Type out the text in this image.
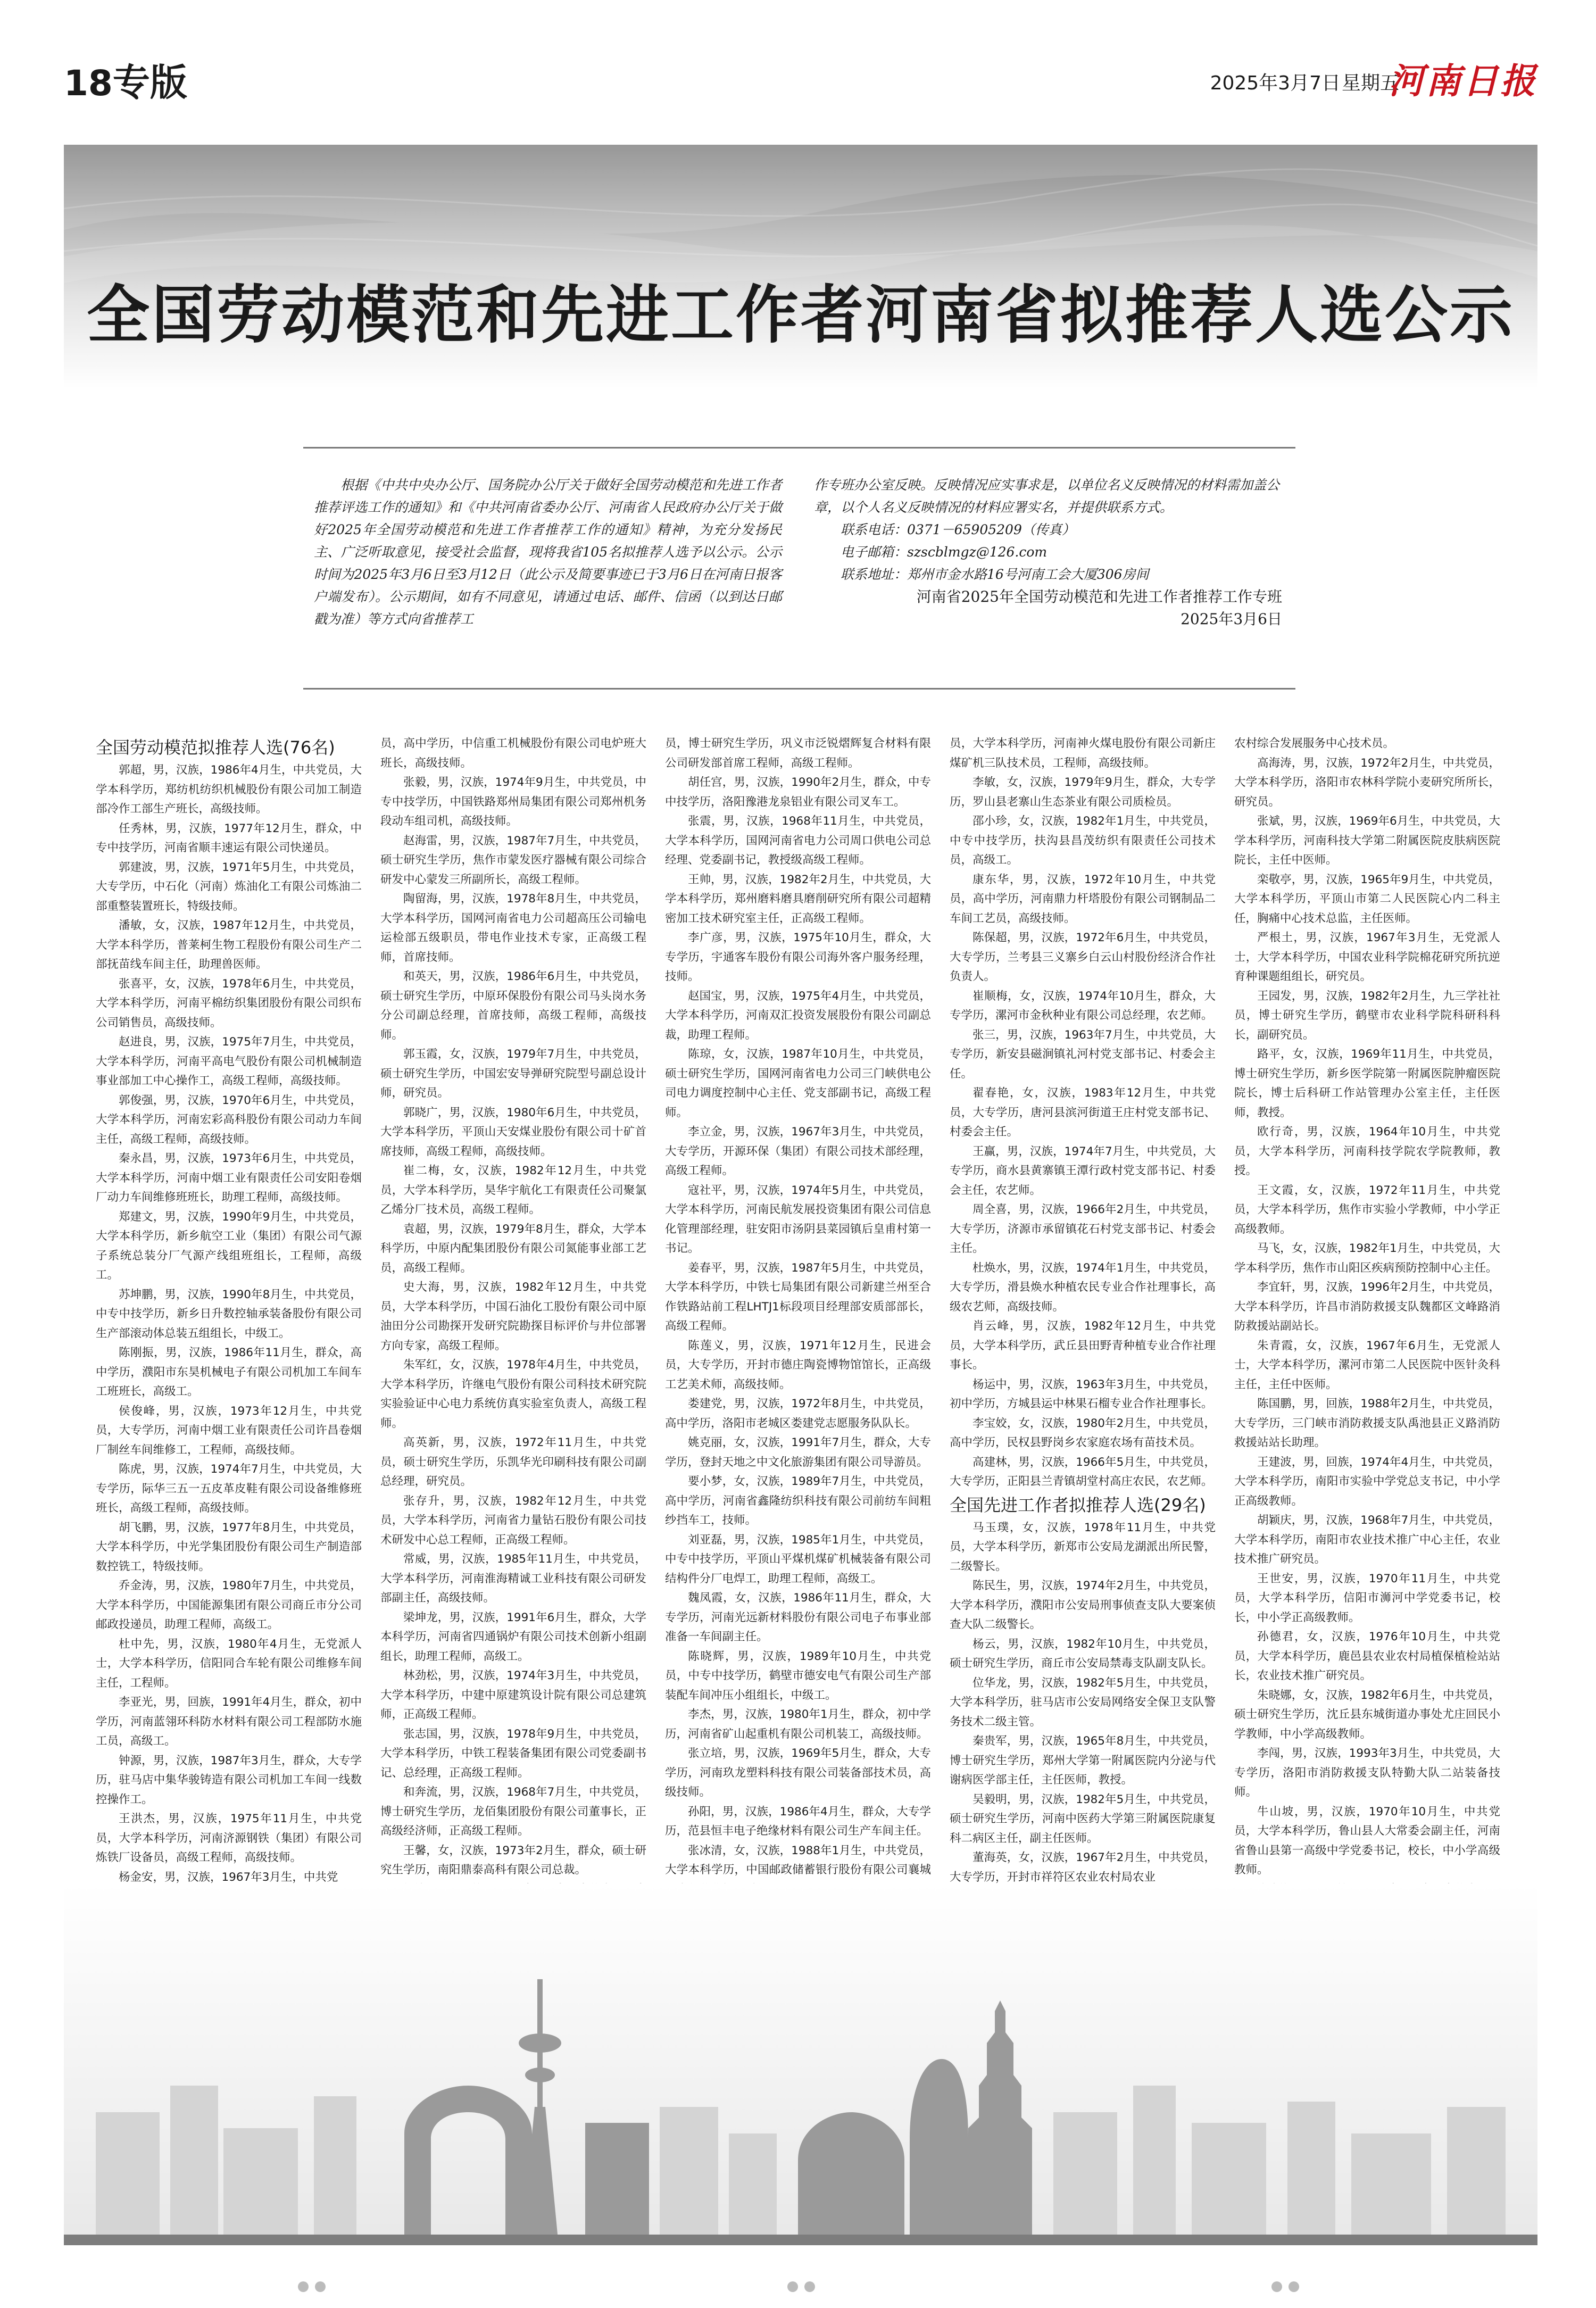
18专版	2025年3月7日 星期五
河南日报
全国劳动模范和先进工作者河南省拟推荐人选公示
根据《中共中央办公厅、国务院办公厅关于做好全国劳动模范和先进工作者推荐评选工作的通知》和《中共河南省委办公厅、河南省人民政府办公厅关于做好2025年全国劳动模范和先进工作者推荐工作的通知》精神，为充分发扬民主、广泛听取意见，接受社会监督，现将我省105名拟推荐人选予以公示。公示时间为2025年3月6日至3月12日（此公示及简要事迹已于3月6日在河南日报客户端发布）。公示期间，如有不同意见，请通过电话、邮件、信函（以到达日邮戳为准）等方式向省推荐工

作专班办公室反映。反映情况应实事求是，以单位名义反映情况的材料需加盖公章，以个人名义反映情况的材料应署实名，并提供联系方式。

联系电话：0371－65905209（传真）

电子邮箱：szscblmgz@126.com

联系地址：郑州市金水路16号河南工会大厦306房间

河南省2025年全国劳动模范和先进工作者推荐工作专班

2025年3月6日

全国劳动模范拟推荐人选(76名)

郭超，男，汉族，1986年4月生，中共党员，大学本科学历，郑纺机纺织机械股份有限公司加工制造部冷作工部生产班长，高级技师。

任秀林，男，汉族，1977年12月生，群众，中专中技学历，河南省顺丰速运有限公司快递员。

郭建波，男，汉族，1971年5月生，中共党员，大专学历，中石化（河南）炼油化工有限公司炼油二部重整装置班长，特级技师。

潘敏，女，汉族，1987年12月生，中共党员，大学本科学历，普莱柯生物工程股份有限公司生产二部抚苗线车间主任，助理兽医师。

张喜平，女，汉族，1978年6月生，中共党员，大学本科学历，河南平棉纺织集团股份有限公司织布公司销售员，高级技师。

赵进良，男，汉族，1975年7月生，中共党员，大学本科学历，河南平高电气股份有限公司机械制造事业部加工中心操作工，高级工程师，高级技师。

郭俊强，男，汉族，1970年6月生，中共党员，大学本科学历，河南宏彩高科股份有限公司动力车间主任，高级工程师，高级技师。

秦永昌，男，汉族，1973年6月生，中共党员，大学本科学历，河南中烟工业有限责任公司安阳卷烟厂动力车间维修班班长，助理工程师，高级技师。

郑建文，男，汉族，1990年9月生，中共党员，大学本科学历，新乡航空工业（集团）有限公司气源子系统总装分厂气源产线组班组长，工程师，高级工。

苏坤鹏，男，汉族，1990年8月生，中共党员，中专中技学历，新乡日升数控轴承装备股份有限公司生产部滚动体总装五组组长，中级工。

陈刚振，男，汉族，1986年11月生，群众，高中学历，濮阳市东昊机械电子有限公司机加工车间车工班班长，高级工。

侯俊峰，男，汉族，1973年12月生，中共党员，大专学历，河南中烟工业有限责任公司许昌卷烟厂制丝车间维修工，工程师，高级技师。

陈虎，男，汉族，1974年7月生，中共党员，大专学历，际华三五一五皮革皮鞋有限公司设备维修班班长，高级工程师，高级技师。

胡飞鹏，男，汉族，1977年8月生，中共党员，大学本科学历，中光学集团股份有限公司生产制造部数控铣工，特级技师。

乔金涛，男，汉族，1980年7月生，中共党员，大学本科学历，中国能源集团有限公司商丘市分公司邮政投递员，助理工程师，高级工。

杜中先，男，汉族，1980年4月生，无党派人士，大学本科学历，信阳同合车轮有限公司维修车间主任，工程师。

李亚光，男，回族，1991年4月生，群众，初中学历，河南蓝翎环科防水材料有限公司工程部防水施工员，高级工。

钟源，男，汉族，1987年3月生，群众，大专学历，驻马店中集华骏铸造有限公司机加工车间一线数控操作工。

王洪杰，男，汉族，1975年11月生，中共党员，大学本科学历，河南济源钢铁（集团）有限公司炼铁厂设备员，高级工程师，高级技师。

杨金安，男，汉族，1967年3月生，中共党

员，高中学历，中信重工机械股份有限公司电炉班大班长，高级技师。

张毅，男，汉族，1974年9月生，中共党员，中专中技学历，中国铁路郑州局集团有限公司郑州机务段动车组司机，高级技师。

赵海雷，男，汉族，1987年7月生，中共党员，硕士研究生学历，焦作市蒙发医疗器械有限公司综合研发中心蒙发三所副所长，高级工程师。

陶留海，男，汉族，1978年8月生，中共党员，大学本科学历，国网河南省电力公司超高压公司输电运检部五级职员，带电作业技术专家，正高级工程师，首席技师。

和英天，男，汉族，1986年6月生，中共党员，硕士研究生学历，中原环保股份有限公司马头岗水务分公司副总经理，首席技师，高级工程师，高级技师。

郭玉霞，女，汉族，1979年7月生，中共党员，硕士研究生学历，中国宏安导弹研究院型号副总设计师，研究员。

郭晓广，男，汉族，1980年6月生，中共党员，大学本科学历，平顶山天安煤业股份有限公司十矿首席技师，高级工程师，高级技师。

崔二梅，女，汉族，1982年12月生，中共党员，大学本科学历，昊华宇航化工有限责任公司聚氯乙烯分厂技术员，高级工程师。

袁超，男，汉族，1979年8月生，群众，大学本科学历，中原内配集团股份有限公司氮能事业部工艺员，高级工程师。

史大海，男，汉族，1982年12月生，中共党员，大学本科学历，中国石油化工股份有限公司中原油田分公司勘探开发研究院勘探目标评价与井位部署方向专家，高级工程师。

朱军红，女，汉族，1978年4月生，中共党员，大学本科学历，许继电气股份有限公司科技术研究院实验验证中心电力系统仿真实验室负责人，高级工程师。

高英新，男，汉族，1972年11月生，中共党员，硕士研究生学历，乐凯华光印刷科技有限公司副总经理，研究员。

张存升，男，汉族，1982年12月生，中共党员，大学本科学历，河南省力量钻石股份有限公司技术研发中心总工程师，正高级工程师。

常威，男，汉族，1985年11月生，中共党员，大学本科学历，河南淮海精诚工业科技有限公司研发部副主任，高级技师。

梁坤龙，男，汉族，1991年6月生，群众，大学本科学历，河南省四通锅炉有限公司技术创新小组副组长，助理工程师，高级工。

林劲松，男，汉族，1974年3月生，中共党员，大学本科学历，中建中原建筑设计院有限公司总建筑师，正高级工程师。

张志国，男，汉族，1978年9月生，中共党员，大学本科学历，中铁工程装备集团有限公司党委副书记、总经理，正高级工程师。

和奔流，男，汉族，1968年7月生，中共党员，博士研究生学历，龙佰集团股份有限公司董事长，正高级经济师，正高级工程师。

王馨，女，汉族，1973年2月生，群众，硕士研究生学历，南阳鼎泰高科有限公司总裁。

员，博士研究生学历，巩义市泛锐熠辉复合材料有限公司研发部首席工程师，高级工程师。

胡任宫，男，汉族，1990年2月生，群众，中专中技学历，洛阳豫港龙泉铝业有限公司叉车工。

张震，男，汉族，1968年11月生，中共党员，大学本科学历，国网河南省电力公司周口供电公司总经理、党委副书记，教授级高级工程师。

王帅，男，汉族，1982年2月生，中共党员，大学本科学历，郑州磨料磨具磨削研究所有限公司超精密加工技术研究室主任，正高级工程师。

李广彦，男，汉族，1975年10月生，群众，大专学历，宇通客车股份有限公司海外客户服务经理，技师。

赵国宝，男，汉族，1975年4月生，中共党员，大学本科学历，河南双汇投资发展股份有限公司副总裁，助理工程师。

陈琼，女，汉族，1987年10月生，中共党员，硕士研究生学历，国网河南省电力公司三门峡供电公司电力调度控制中心主任、党支部副书记，高级工程师。

李立金，男，汉族，1967年3月生，中共党员，大专学历，开源环保（集团）有限公司技术部经理，高级工程师。

寇社平，男，汉族，1974年5月生，中共党员，大学本科学历，河南民航发展投资集团有限公司信息化管理部经理，驻安阳市汤阴县菜园镇后皇甫村第一书记。

姜春平，男，汉族，1987年5月生，中共党员，大学本科学历，中铁七局集团有限公司新建兰州至合作铁路站前工程LHTJ1标段项目经理部安质部部长，高级工程师。

陈莲义，男，汉族，1971年12月生，民进会员，大专学历，开封市德庄陶瓷博物馆馆长，正高级工艺美术师，高级技师。

娄建党，男，汉族，1972年8月生，中共党员，高中学历，洛阳市老城区娄建党志愿服务队队长。

姚克丽，女，汉族，1991年7月生，群众，大专学历，登封天地之中文化旅游集团有限公司导游员。

要小梦，女，汉族，1989年7月生，中共党员，高中学历，河南省鑫隆纺织科技有限公司前纺车间粗纱挡车工，技师。

刘亚磊，男，汉族，1985年1月生，中共党员，中专中技学历，平顶山平煤机煤矿机械装备有限公司结构件分厂电焊工，助理工程师，高级工。

魏凤霞，女，汉族，1986年11月生，群众，大专学历，河南光远新材料股份有限公司电子布事业部准备一车间副主任。

陈晓辉，男，汉族，1989年10月生，中共党员，中专中技学历，鹤壁市德安电气有限公司生产部装配车间冲压小组组长，中级工。

李杰，男，汉族，1980年1月生，群众，初中学历，河南省矿山起重机有限公司机装工，高级技师。

张立培，男，汉族，1969年5月生，群众，大专学历，河南玖龙塑料科技有限公司装备部技术员，高级技师。

孙阳，男，汉族，1986年4月生，群众，大专学历，范县恒丰电子绝缘材料有限公司生产车间主任。

张冰清，女，汉族，1988年1月生，中共党员，大学本科学历，中国邮政储蓄银行股份有限公司襄城

员，大学本科学历，河南神火煤电股份有限公司新庄煤矿机三队技术员，工程师，高级技师。

李敏，女，汉族，1979年9月生，群众，大专学历，罗山县老寨山生态茶业有限公司质检员。

邵小珍，女，汉族，1982年1月生，中共党员，中专中技学历，扶沟县昌茂纺织有限责任公司技术员，高级工。

康东华，男，汉族，1972年10月生，中共党员，高中学历，河南鼎力杆塔股份有限公司钢制品二车间工艺员，高级技师。

陈保超，男，汉族，1972年6月生，中共党员，大专学历，兰考县三义寨乡白云山村股份经济合作社负责人。

崔顺梅，女，汉族，1974年10月生，群众，大专学历，漯河市金秋种业有限公司总经理，农艺师。

张三，男，汉族，1963年7月生，中共党员，大专学历，新安县磁涧镇礼河村党支部书记、村委会主任。

翟春艳，女，汉族，1983年12月生，中共党员，大专学历，唐河县滨河街道王庄村党支部书记、村委会主任。

王赢，男，汉族，1974年7月生，中共党员，大专学历，商水县黄寨镇王潭行政村党支部书记、村委会主任，农艺师。

周全喜，男，汉族，1966年2月生，中共党员，大专学历，济源市承留镇花石村党支部书记、村委会主任。

杜焕水，男，汉族，1974年1月生，中共党员，大专学历，滑县焕水种植农民专业合作社理事长，高级农艺师，高级技师。

肖云峰，男，汉族，1982年12月生，中共党员，大学本科学历，武丘县田野青种植专业合作社理事长。

杨运中，男，汉族，1963年3月生，中共党员，初中学历，方城县运中林果石榴专业合作社理事长。

李宝姣，女，汉族，1980年2月生，中共党员，高中学历，民权县野岗乡农家庭农场有苗技术员。

高建林，男，汉族，1966年5月生，中共党员，大专学历，正阳县兰青镇胡堂村高庄农民，农艺师。

全国先进工作者拟推荐人选(29名)

马玉璞，女，汉族，1978年11月生，中共党员，大学本科学历，新郑市公安局龙湖派出所民警，二级警长。

陈民生，男，汉族，1974年2月生，中共党员，大学本科学历，濮阳市公安局刑事侦查支队大要案侦查大队二级警长。

杨云，男，汉族，1982年10月生，中共党员，硕士研究生学历，商丘市公安局禁毒支队副支队长。

位华龙，男，汉族，1982年5月生，中共党员，大学本科学历，驻马店市公安局网络安全保卫支队警务技术二级主管。

秦贵军，男，汉族，1965年8月生，中共党员，博士研究生学历，郑州大学第一附属医院内分泌与代谢病医学部主任，主任医师，教授。

吴毅明，男，汉族，1982年5月生，中共党员，硕士研究生学历，河南中医药大学第三附属医院康复科二病区主任，副主任医师。

董海英，女，汉族，1967年2月生，中共党员，大专学历，开封市祥符区农业农村局农业

农村综合发展服务中心技术员。

高海涛，男，汉族，1972年2月生，中共党员，大学本科学历，洛阳市农林科学院小麦研究所所长，研究员。

张斌，男，汉族，1969年6月生，中共党员，大学本科学历，河南科技大学第二附属医院皮肤病医院院长，主任中医师。

栾敬亭，男，汉族，1965年9月生，中共党员，大学本科学历，平顶山市第二人民医院心内二科主任，胸痛中心技术总监，主任医师。

严根土，男，汉族，1967年3月生，无党派人士，大学本科学历，中国农业科学院棉花研究所抗逆育种课题组组长，研究员。

王园发，男，汉族，1982年2月生，九三学社社员，博士研究生学历，鹤壁市农业科学院科研科科长，副研究员。

路平，女，汉族，1969年11月生，中共党员，博士研究生学历，新乡医学院第一附属医院肿瘤医院院长，博士后科研工作站管理办公室主任，主任医师，教授。

欧行奇，男，汉族，1964年10月生，中共党员，大学本科学历，河南科技学院农学院教师，教授。

王文霞，女，汉族，1972年11月生，中共党员，大学本科学历，焦作市实验小学教师，中小学正高级教师。

马飞，女，汉族，1982年1月生，中共党员，大学本科学历，焦作市山阳区疾病预防控制中心主任。

李宜轩，男，汉族，1996年2月生，中共党员，大学本科学历，许昌市消防救援支队魏都区文峰路消防救援站副站长。

朱青霞，女，汉族，1967年6月生，无党派人士，大学本科学历，漯河市第二人民医院中医针灸科主任，主任中医师。

陈国鹏，男，回族，1988年2月生，中共党员，大专学历，三门峡市消防救援支队禹池县正义路消防救援站站长助理。

王建波，男，回族，1974年4月生，中共党员，大学本科学历，南阳市实验中学党总支书记，中小学正高级教师。

胡颖庆，男，汉族，1968年7月生，中共党员，大学本科学历，南阳市农业技术推广中心主任，农业技术推广研究员。

王世安，男，汉族，1970年11月生，中共党员，大学本科学历，信阳市浉河中学党委书记，校长，中小学正高级教师。

孙德君，女，汉族，1976年10月生，中共党员，大学本科学历，鹿邑县农业农村局植保植检站站长，农业技术推广研究员。

朱晓娜，女，汉族，1982年6月生，中共党员，硕士研究生学历，沈丘县东城街道办事处尤庄回民小学教师，中小学高级教师。

李闯，男，汉族，1993年3月生，中共党员，大专学历，洛阳市消防救援支队特勤大队二站装备技师。

牛山坡，男，汉族，1970年10月生，中共党员，大学本科学历，鲁山县人大常委会副主任，河南省鲁山县第一高级中学党委书记，校长，中小学高级教师。
